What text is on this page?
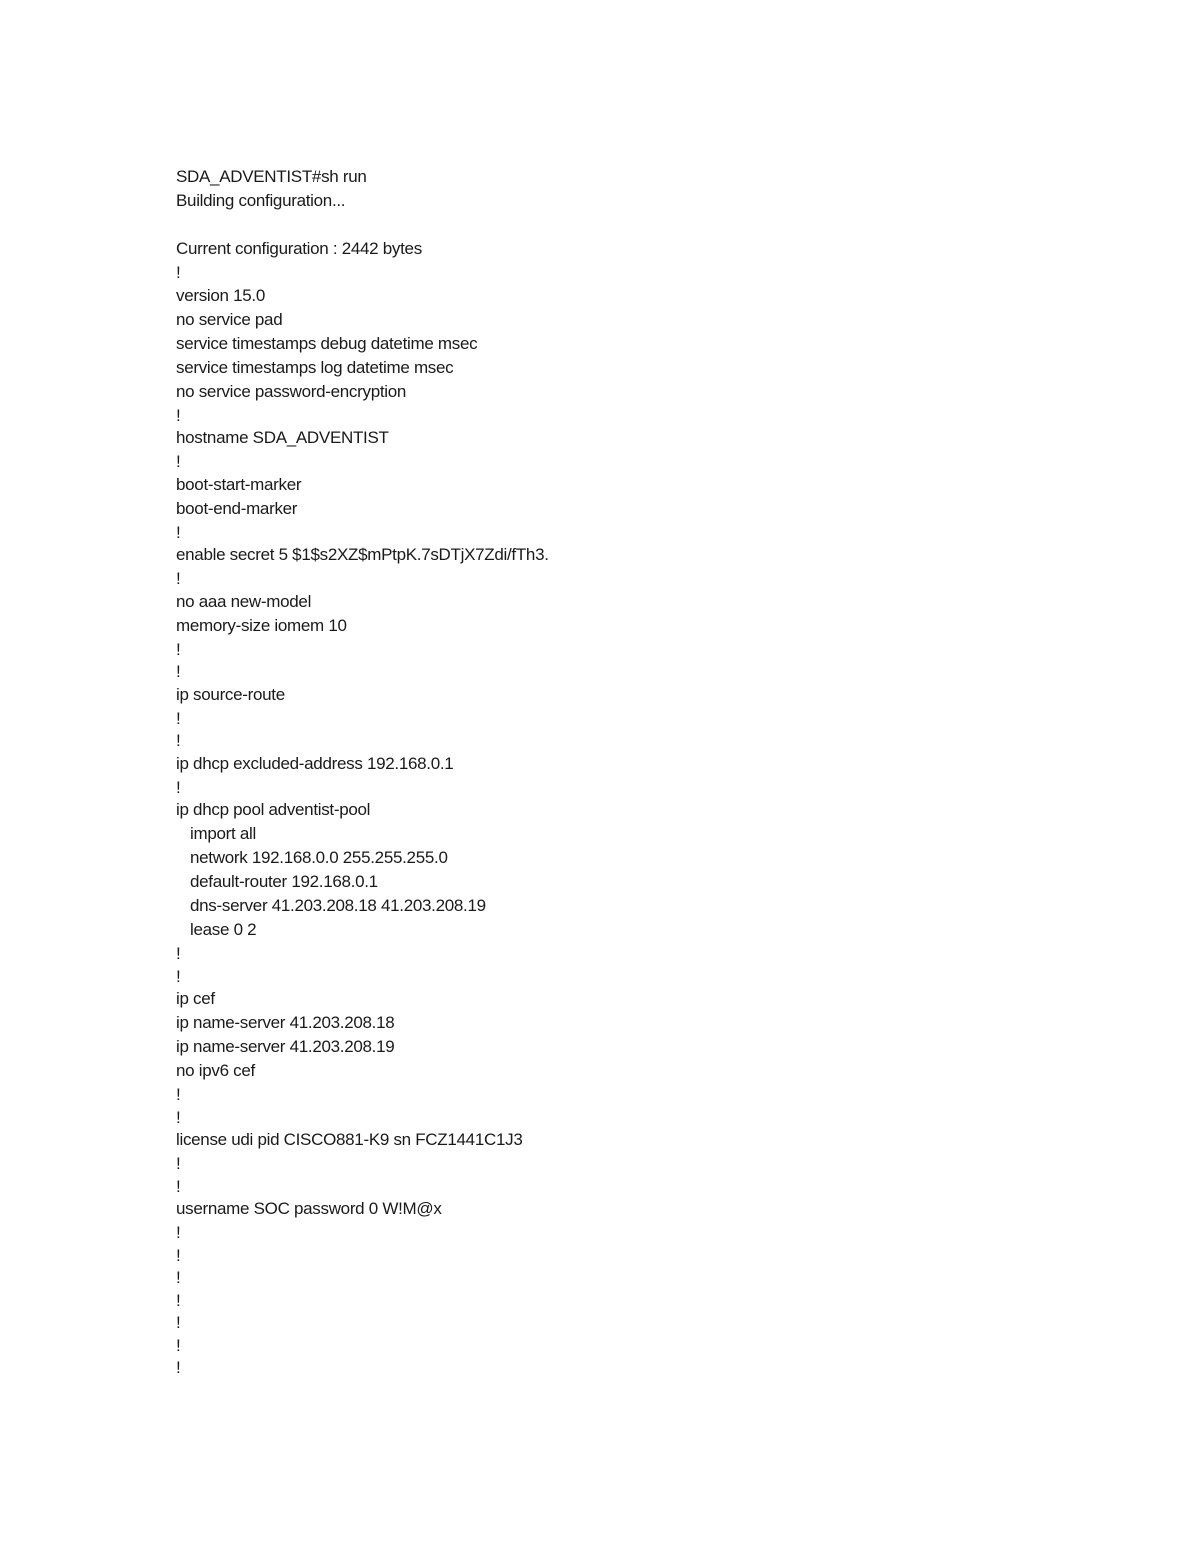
SDA_ADVENTIST#sh run
Building configuration...
Current configuration : 2442 bytes
!
version 15.0
no service pad
service timestamps debug datetime msec
service timestamps log datetime msec
no service password-encryption
!
hostname SDA_ADVENTIST
!
boot-start-marker
boot-end-marker
!
enable secret 5 $1$s2XZ$mPtpK.7sDTjX7Zdi/fTh3.
!
no aaa new-model
memory-size iomem 10
!
!
ip source-route
!
!
ip dhcp excluded-address 192.168.0.1
!
ip dhcp pool adventist-pool
import all
network 192.168.0.0 255.255.255.0
default-router 192.168.0.1
dns-server 41.203.208.18 41.203.208.19
lease 0 2
!
!
ip cef
ip name-server 41.203.208.18
ip name-server 41.203.208.19
no ipv6 cef
!
!
license udi pid CISCO881-K9 sn FCZ1441C1J3
!
!
username SOC password 0 W!M@x
!
!
!
!
!
!
!
